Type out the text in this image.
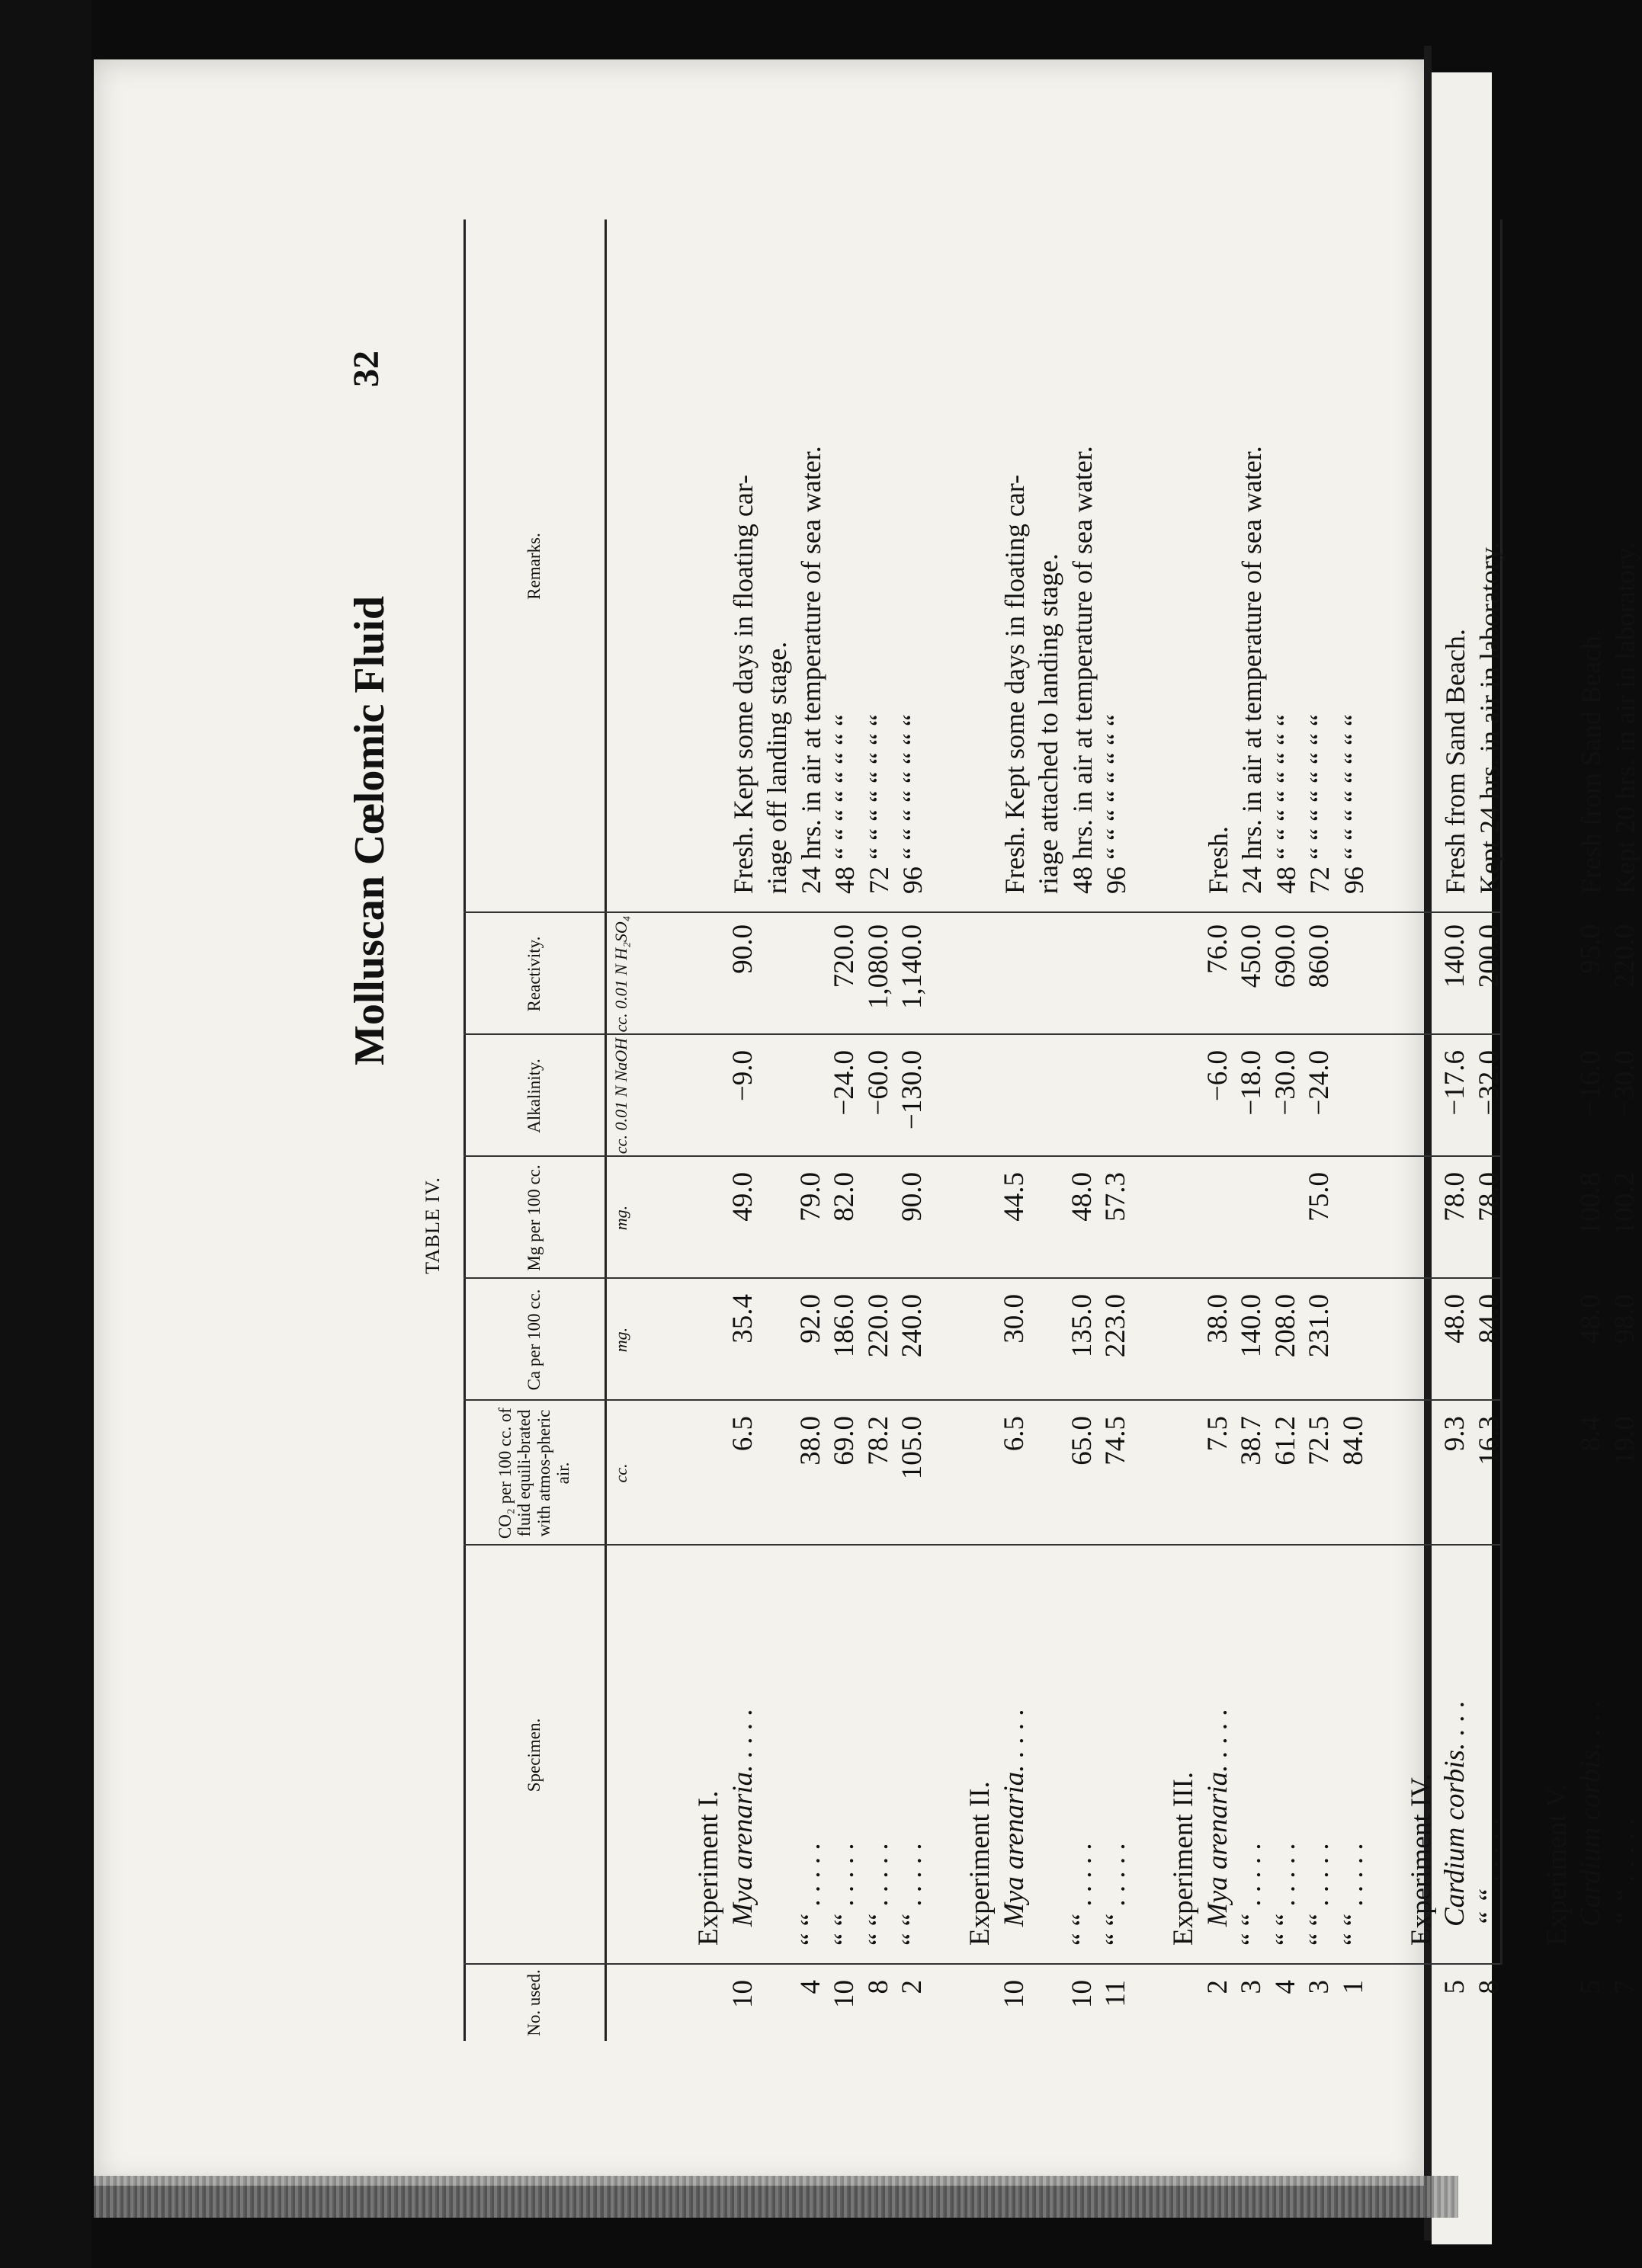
Molluscan Cœlomic Fluid
32
TABLE IV.
No. used.
Specimen.
CO₂ per 100 cc. of fluid equili-brated with atmos-pheric air.
Ca per 100 cc.
Mg per 100 cc.
Alkalinity.
Reactivity.
Remarks.
cc.
mg.
mg.
cc. 0.01 N NaOH
cc. 0.01 N H₂SO₄
Experiment I.
10
Mya arenaria. . . . .
6.5
35.4
49.0
−9.0
90.0
Fresh. Kept some days in floating car- riage off landing stage.
4
“ “ . . . . .
38.0
92.0
79.0
24 hrs. in air at temperature of sea water.
10
“ “ . . . . .
69.0
186.0
82.0
−24.0
720.0
48 “ “ “ “ “ “ “ “
8
“ “ . . . . .
78.2
220.0
−60.0
1,080.0
72 “ “ “ “ “ “ “ “
2
“ “ . . . . .
105.0
240.0
90.0
−130.0
1,140.0
96 “ “ “ “ “ “ “ “
Experiment II.
10
Mya arenaria. . . . .
6.5
30.0
44.5
Fresh. Kept some days in floating car- riage attached to landing stage.
10
“ “ . . . . .
65.0
135.0
48.0
48 hrs. in air at temperature of sea water.
11
“ “ . . . . .
74.5
223.0
57.3
96 “ “ “ “ “ “ “ “
Experiment III.
2
Mya arenaria. . . . .
7.5
38.0
−6.0
76.0
Fresh.
3
“ “ . . . . .
38.7
140.0
−18.0
450.0
24 hrs. in air at temperature of sea water.
4
“ “ . . . . .
61.2
208.0
−30.0
690.0
48 “ “ “ “ “ “ “ “
3
“ “ . . . . .
72.5
231.0
75.0
−24.0
860.0
72 “ “ “ “ “ “ “ “
1
“ “ . . . . .
84.0
96 “ “ “ “ “ “ “ “
Experiment IV.
5
Cardium corbis. . . .
9.3
48.0
78.0
−17.6
140.0
Fresh from Sand Beach.
8
“ “ . . . . .
16.3
84.0
78.0
−32.0
200.0
Kept 24 hrs. in air in laboratory.
Experiment V.
5
Cardium corbis. . . .
8.4
48.0
100.8
−16.0
95.0
Fresh from Sand Beach.
7
“ “ . . . . .
19.0
98.0
100.2
−30.0
220.0
Kept 20 hrs. in air in laboratory.
